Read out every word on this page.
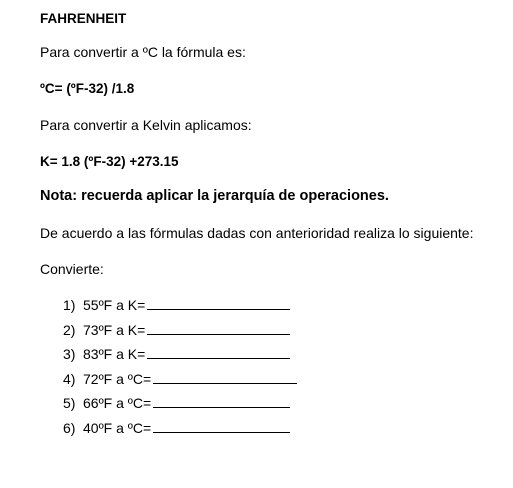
FAHRENHEIT
Para convertir a ºC la fórmula es:
ºC= (ºF-32) /1.8
Para convertir a Kelvin aplicamos:
K= 1.8 (ºF-32) +273.15
Nota: recuerda aplicar la jerarquía de operaciones.
De acuerdo a las fórmulas dadas con anterioridad realiza lo siguiente:
Convierte:
1) 55ºF a K=
2) 73ºF a K=
3) 83ºF a K=
4) 72ºF a ºC=
5) 66ºF a ºC=
6) 40ºF a ºC=
